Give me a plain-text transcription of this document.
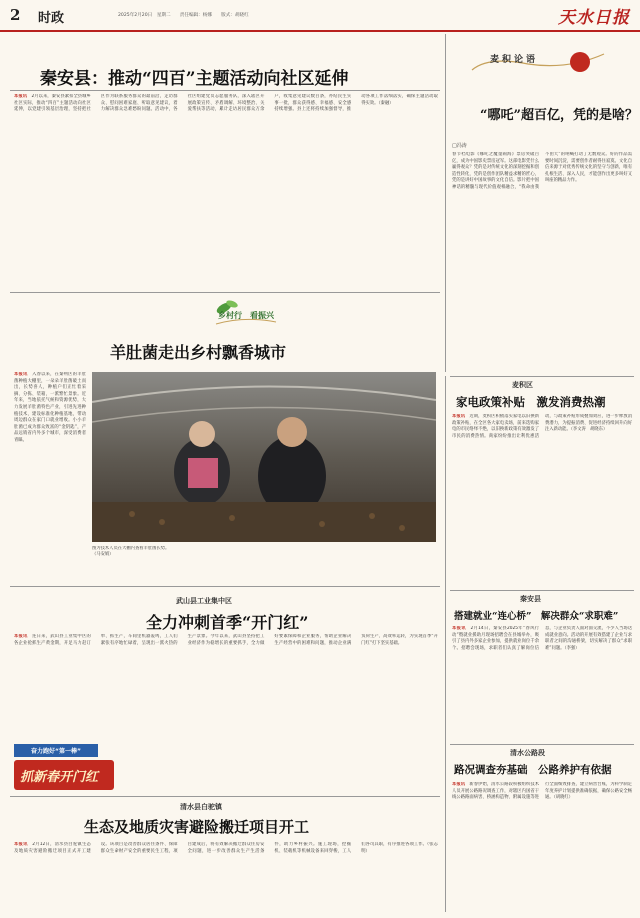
2 时政	2025年2月20日　星期二　　责任编辑：杨娜　　版式：胡晓红	天水日报
秦安县：推动“四百”主题活动向社区延伸
本报讯　 2月以来，秦安县紧扣全县城乡社区实际，推动“四百”主题活动向社区延伸，以党建引领基层治理，坚持把社区作为联系服务群众的最前沿，走访群众、慰问困难家庭、听取意见建议，着力解决群众急难愁盼问题。活动中，各社区组建党员志愿服务队，深入辖区开展政策宣传、矛盾调解、环境整治、关爱帮扶等活动，累计走访居民群众万余户，收集意见建议数百条，办结民生实事一批，群众获得感、幸福感、安全感持续增强。县上还将持续加强督导，推动各项工作落细落实，确保主题活动取得实效。（秦融）
麦积论语
“哪吒”超百亿，凭的是啥？
□冯涛
春节档电影《哪吒之魔童闹海》票房突破百亿，成为中国影史票房冠军。这部电影凭什么赢得观众？凭的是对传统文化的深刻挖掘和创造性转化，凭的是创作团队精益求精的匠心，凭的是讲好中国故事的文化自信。影片把中国神话的精髓与现代价值观相融合，“我命由我不由天”的呐喊打动了无数观众。好的作品需要时间沉淀，需要创作者耐得住寂寞。文化自信来源于对优秀传统文化的坚守与创新，唯有扎根生活、深入人民，才能创作出更多叫好又叫座的精品力作。
乡村行　看振兴
羊肚菌走出乡村飘香城市
本报讯　 入春以来，在秦州区的羊肚菌种植大棚里，一朵朵羊肚菌破土而出，长势喜人，种植户们正忙着采摘、分拣、装箱，一派繁忙景象。近年来，当地依托气候和资源优势，大力发展羊肚菌特色产业，引进先进种植技术，建设标准化种植基地，带动周边群众在家门口就业增收。小小羊肚菌已成为群众致富的“金钥匙”，产品远销省内外多个城市，深受消费者青睐。
图为技术人员在大棚内查看羊肚菌长势。（马安娟）
武山县工业集中区
全力冲刺首季“开门红”
本报讯　 连日来，武山县工业集中区的各企业抢抓生产黄金期，开足马力赶订单、抓生产，车间里机器轰鸣，工人们紧张有序地忙碌着，呈现出一派火热的生产景象。今年以来，武山县坚持把工业经济作为稳增长的重要抓手，全力做好要素保障和企业服务，帮助企业解决生产经营中的困难和问题，推动企业满负荷生产、高效率运转，为实现首季“开门红”打下坚实基础。
奋力跑好“第一棒”
抓新春开门红
清水县白驼镇
生态及地质灾害避险搬迁项目开工
本报讯　 2月12日，清水县白驼镇生态及地质灾害避险搬迁项目正式开工建设。该项目是改善群众居住条件、保障群众生命财产安全的重要民生工程，项目建成后，将有效解决搬迁群众住房安全问题，进一步改善群众生产生活条件，助力乡村振兴。施工现场，挖掘机、装载机等机械设备来回穿梭，工人们各司其职，有序推进各项工作。（张志明）
麦积区
家电政策补贴　激发消费热潮
本报讯　 近期，麦积区积极落实家电以旧换新政策补贴，在全区各大家电卖场，前来选购家电的市民络绎不绝，以旧换新政策有效激发了市民的消费热情。商家纷纷推出让利优惠活动，与政策补贴形成叠加效应，进一步释放消费潜力，为提振消费、促进经济持续回升向好注入新动能。（李文涛　胡晓东）
秦安县
搭建就业“连心桥”　解决群众“求职难”
本报讯　 2月14日，秦安县2025年“春风行动”暨就业援助月现场招聘会在县城举办，吸引了县内外多家企业参加，提供就业岗位千余个。招聘会现场，求职者们认真了解岗位信息，与企业负责人面对面交流，不少人当场达成就业意向。活动的开展有效搭建了企业与求职者之间的沟通桥梁，切实解决了群众“求职难”问题。（李强）
清水公路段
路况调查夯基础　公路养护有依据
本报讯　 新春伊始，清水公路段积极组织技术人员开展公路路况调查工作，对辖区内国省干线公路路面病害、桥涵构造物、附属设施等进行全面细致排查，建立病害台账，为科学制定年度养护计划提供准确依据，确保公路安全畅通。（胡晓红）
